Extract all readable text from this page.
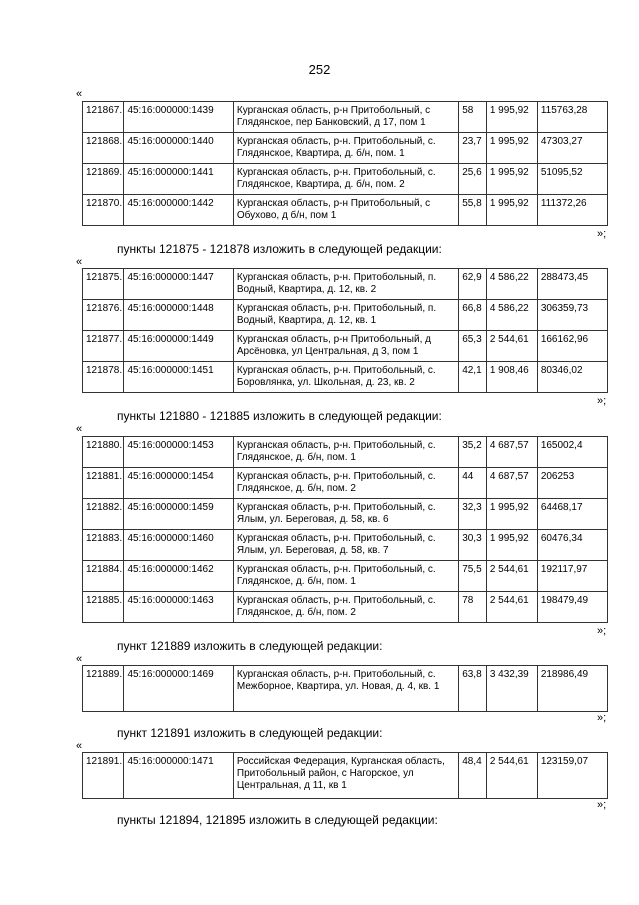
252
«
121867.	45:16:000000:1439	Курганская область, р-н Притобольный, с Глядянское, пер Банковский, д 17, пом 1	58	1 995,92	115763,28
121868.	45:16:000000:1440	Курганская область, р-н. Притобольный, с. Глядянское, Квартира, д. б/н, пом. 1	23,7	1 995,92	47303,27
121869.	45:16:000000:1441	Курганская область, р-н. Притобольный, с. Глядянское, Квартира, д. б/н, пом. 2	25,6	1 995,92	51095,52
121870.	45:16:000000:1442	Курганская область, р-н Притобольный, с Обухово, д б/н, пом 1	55,8	1 995,92	111372,26
»;
пункты 121875 - 121878 изложить в следующей редакции:
«
121875.	45:16:000000:1447	Курганская область, р-н. Притобольный, п. Водный, Квартира, д. 12, кв. 2	62,9	4 586,22	288473,45
121876.	45:16:000000:1448	Курганская область, р-н. Притобольный, п. Водный, Квартира, д. 12, кв. 1	66,8	4 586,22	306359,73
121877.	45:16:000000:1449	Курганская область, р-н Притобольный, д Арсёновка, ул Центральная, д 3, пом 1	65,3	2 544,61	166162,96
121878.	45:16:000000:1451	Курганская область, р-н. Притобольный, с. Боровлянка, ул. Школьная, д. 23, кв. 2	42,1	1 908,46	80346,02
»;
пункты 121880 - 121885 изложить в следующей редакции:
«
121880.	45:16:000000:1453	Курганская область, р-н. Притобольный, с. Глядянское, д. б/н, пом. 1	35,2	4 687,57	165002,4
121881.	45:16:000000:1454	Курганская область, р-н. Притобольный, с. Глядянское, д. б/н, пом. 2	44	4 687,57	206253
121882.	45:16:000000:1459	Курганская область, р-н. Притобольный, с. Ялым, ул. Береговая, д. 58, кв. 6	32,3	1 995,92	64468,17
121883.	45:16:000000:1460	Курганская область, р-н. Притобольный, с. Ялым, ул. Береговая, д. 58, кв. 7	30,3	1 995,92	60476,34
121884.	45:16:000000:1462	Курганская область, р-н. Притобольный, с. Глядянское, д. б/н, пом. 1	75,5	2 544,61	192117,97
121885.	45:16:000000:1463	Курганская область, р-н. Притобольный, с. Глядянское, д. б/н, пом. 2	78	2 544,61	198479,49
»;
пункт 121889 изложить в следующей редакции:
«
121889.	45:16:000000:1469	Курганская область, р-н. Притобольный, с. Межборное, Квартира, ул. Новая, д. 4, кв. 1	63,8	3 432,39	218986,49
»;
пункт 121891 изложить в следующей редакции:
«
121891.	45:16:000000:1471	Российская Федерация, Курганская область, Притобольный район, с Нагорское, ул Центральная, д 11, кв 1	48,4	2 544,61	123159,07
»;
пункты 121894, 121895 изложить в следующей редакции:
